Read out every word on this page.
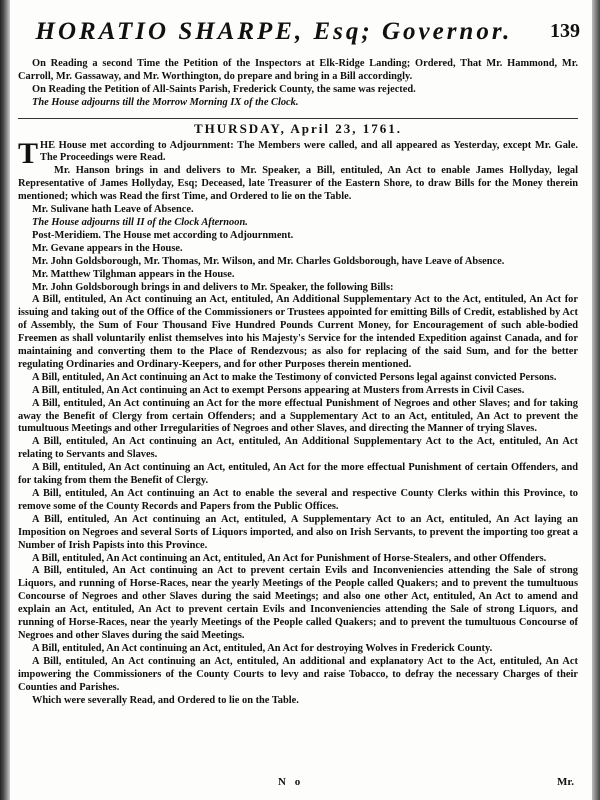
HORATIO SHARPE, Esq; Governor.	139

On Reading a second Time the Petition of the Inspectors at Elk-Ridge Landing; Ordered, That Mr. Hammond, Mr. Carroll, Mr. Gassaway, and Mr. Worthington, do prepare and bring in a Bill accordingly.

On Reading the Petition of All-Saints Parish, Frederick County, the same was rejected.

The House adjourns till the Morrow Morning IX of the Clock.

THURSDAY, April 23, 1761.

THE House met according to Adjournment: The Members were called, and all appeared as Yesterday, except Mr. Gale. The Proceedings were Read.

Mr. Hanson brings in and delivers to Mr. Speaker, a Bill, entituled, An Act to enable James Hollyday, legal Representative of James Hollyday, Esq; Deceased, late Treasurer of the Eastern Shore, to draw Bills for the Money therein mentioned; which was Read the first Time, and Ordered to lie on the Table.

Mr. Sulivane hath Leave of Absence.

The House adjourns till II of the Clock Afternoon.

Post-Meridiem. The House met according to Adjournment.

Mr. Gevane appears in the House.

Mr. John Goldsborough, Mr. Thomas, Mr. Wilson, and Mr. Charles Goldsborough, have Leave of Absence.

Mr. Matthew Tilghman appears in the House.

Mr. John Goldsborough brings in and delivers to Mr. Speaker, the following Bills:

A Bill, entituled, An Act continuing an Act, entituled, An Additional Supplementary Act to the Act, entituled, An Act for issuing and taking out of the Office of the Commissioners or Trustees appointed for emitting Bills of Credit, established by Act of Assembly, the Sum of Four Thousand Five Hundred Pounds Current Money, for Encouragement of such able-bodied Freemen as shall voluntarily enlist themselves into his Majesty's Service for the intended Expedition against Canada, and for maintaining and converting them to the Place of Rendezvous; as also for replacing of the said Sum, and for the better regulating Ordinaries and Ordinary-Keepers, and for other Purposes therein mentioned.

A Bill, entituled, An Act continuing an Act to make the Testimony of convicted Persons legal against convicted Persons.

A Bill, entituled, An Act continuing an Act to exempt Persons appearing at Musters from Arrests in Civil Cases.

A Bill, entituled, An Act continuing an Act for the more effectual Punishment of Negroes and other Slaves; and for taking away the Benefit of Clergy from certain Offenders; and a Supplementary Act to an Act, entituled, An Act to prevent the tumultuous Meetings and other Irregularities of Negroes and other Slaves, and directing the Manner of trying Slaves.

A Bill, entituled, An Act continuing an Act, entituled, An Additional Supplementary Act to the Act, entituled, An Act relating to Servants and Slaves.

A Bill, entituled, An Act continuing an Act, entituled, An Act for the more effectual Punishment of certain Offenders, and for taking from them the Benefit of Clergy.

A Bill, entituled, An Act continuing an Act to enable the several and respective County Clerks within this Province, to remove some of the County Records and Papers from the Public Offices.

A Bill, entituled, An Act continuing an Act, entituled, A Supplementary Act to an Act, entituled, An Act laying an Imposition on Negroes and several Sorts of Liquors imported, and also on Irish Servants, to prevent the importing too great a Number of Irish Papists into this Province.

A Bill, entituled, An Act continuing an Act, entituled, An Act for Punishment of Horse-Stealers, and other Offenders.

A Bill, entituled, An Act continuing an Act to prevent certain Evils and Inconveniencies attending the Sale of strong Liquors, and running of Horse-Races, near the yearly Meetings of the People called Quakers; and to prevent the tumultuous Concourse of Negroes and other Slaves during the said Meetings; and also one other Act, entituled, An Act to amend and explain an Act, entituled, An Act to prevent certain Evils and Inconveniencies attending the Sale of strong Liquors, and running of Horse-Races, near the yearly Meetings of the People called Quakers; and to prevent the tumultuous Concourse of Negroes and other Slaves during the said Meetings.

A Bill, entituled, An Act continuing an Act, entituled, An Act for destroying Wolves in Frederick County.

A Bill, entituled, An Act continuing an Act, entituled, An additional and explanatory Act to the Act, entituled, An Act impowering the Commissioners of the County Courts to levy and raise Tobacco, to defray the necessary Charges of their Counties and Parishes.

Which were severally Read, and Ordered to lie on the Table.

N o	Mr.
